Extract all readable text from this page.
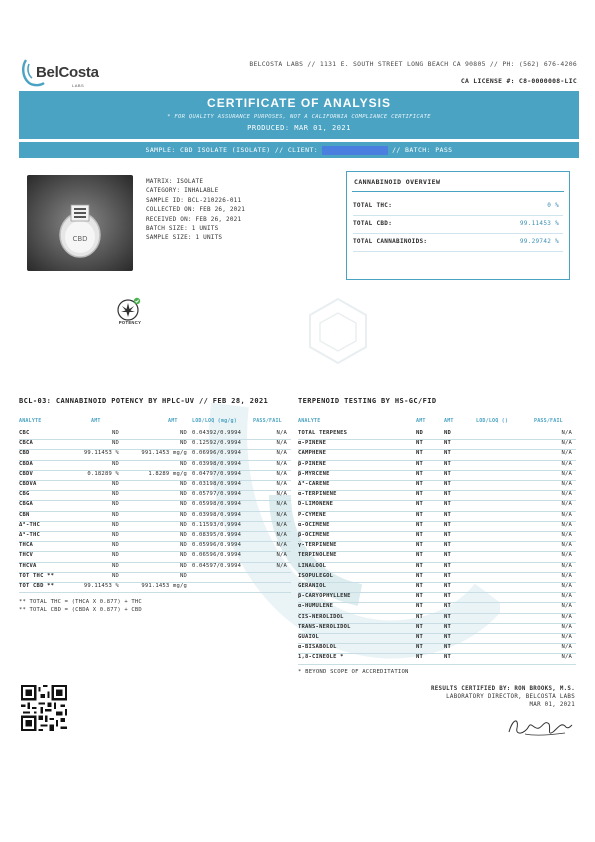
BelCosta
LABS
BELCOSTA LABS // 1131 E. SOUTH STREET LONG BEACH CA 90805 // PH: (562) 676-4206
CA LICENSE #: C8-0000008-LIC
CERTIFICATE OF ANALYSIS
* FOR QUALITY ASSURANCE PURPOSES, NOT A CALIFORNIA COMPLIANCE CERTIFICATE
PRODUCED: MAR 01, 2021
SAMPLE: CBD ISOLATE (ISOLATE) // CLIENT:	// BATCH: PASS
CBD
MATRIX: ISOLATE
CATEGORY: INHALABLE
SAMPLE ID: BCL-210226-011
COLLECTED ON: FEB 26, 2021
RECEIVED ON: FEB 26, 2021
BATCH SIZE: 1 UNITS
SAMPLE SIZE: 1 UNITS
CANNABINOID OVERVIEW
TOTAL THC:	0 %
TOTAL CBD:	99.11453 %
TOTAL CANNABINOIDS:	99.29742 %
POTENCY
BCL-03: CANNABINOID POTENCY BY HPLC-UV // FEB 28, 2021
ANALYTE	AMT	AMT	LOD/LOQ (mg/g)	PASS/FAIL
CBC	ND	ND 0.04392/0.9994	N/A
CBCA	ND	ND 0.12592/0.9994	N/A
CBD	99.11453 %	991.1453 mg/g 0.06996/0.9994	N/A
CBDA	ND	ND 0.03998/0.9994	N/A
CBDV	0.18289 %	1.8289 mg/g 0.04797/0.9994	N/A
CBDVA	ND	ND 0.03198/0.9994	N/A
CBG	ND	ND 0.05797/0.9994	N/A
CBGA	ND	ND 0.05998/0.9994	N/A
CBN	ND	ND 0.03998/0.9994	N/A
Δ⁸-THC	ND	ND 0.11593/0.9994	N/A
Δ⁹-THC	ND	ND 0.08395/0.9994	N/A
THCA	ND	ND 0.05996/0.9994	N/A
THCV	ND	ND 0.06596/0.9994	N/A
THCVA	ND	ND 0.04597/0.9994	N/A
TOT THC **	ND	ND
TOT CBD **	99.11453 %	991.1453 mg/g
** TOTAL THC = (THCA X 0.877) + THC
** TOTAL CBD = (CBDA X 0.877) + CBD
TERPENOID TESTING BY HS-GC/FID
ANALYTE	AMT	AMT	LOD/LOQ ()	PASS/FAIL
TOTAL TERPENES	ND	ND	N/A
α-PINENE	NT	NT	N/A
CAMPHENE	NT	NT	N/A
β-PINENE	NT	NT	N/A
β-MYRCENE	NT	NT	N/A
Δ³-CARENE	NT	NT	N/A
α-TERPINENE	NT	NT	N/A
D-LIMONENE	NT	NT	N/A
P-CYMENE	NT	NT	N/A
α-OCIMENE	NT	NT	N/A
β-OCIMENE	NT	NT	N/A
γ-TERPINENE	NT	NT	N/A
TERPINOLENE	NT	NT	N/A
LINALOOL	NT	NT	N/A
ISOPULEGOL	NT	NT	N/A
GERANIOL	NT	NT	N/A
β-CARYOPHYLLENE	NT	NT	N/A
α-HUMULENE	NT	NT	N/A
CIS-NEROLIDOL	NT	NT	N/A
TRANS-NEROLIDOL	NT	NT	N/A
GUAIOL	NT	NT	N/A
α-BISABOLOL	NT	NT	N/A
1,8-CINEOLE *	NT	NT	N/A
* BEYOND SCOPE OF ACCREDITATION
RESULTS CERTIFIED BY: RON BROOKS, M.S.
LABORATORY DIRECTOR, BELCOSTA LABS
MAR 01, 2021
